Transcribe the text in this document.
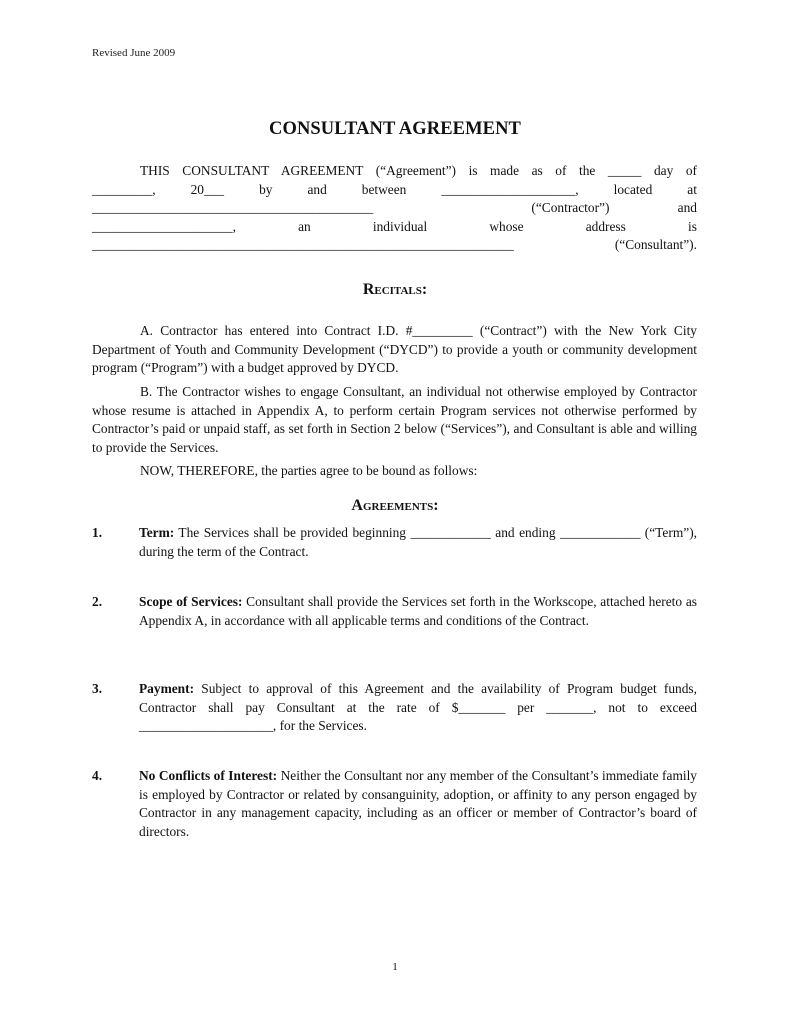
Revised June 2009
CONSULTANT AGREEMENT
THIS CONSULTANT AGREEMENT (“Agreement”) is made as of the _____ day of
_________,	20___	by	and	between	____________________,	located	at
__________________________________________	(“Contractor”)	and
_____________________,	an	individual	whose	address	is
_______________________________________________________________	(“Consultant”).
Recitals:
A. Contractor has entered into Contract I.D. #_________ (“Contract”) with the New York City Department of Youth and Community Development (“DYCD”) to provide a youth or community development program (“Program”) with a budget approved by DYCD.
B. The Contractor wishes to engage Consultant, an individual not otherwise employed by Contractor whose resume is attached in Appendix A, to perform certain Program services not otherwise performed by Contractor’s paid or unpaid staff, as set forth in Section 2 below (“Services”), and Consultant is able and willing to provide the Services.
NOW, THEREFORE, the parties agree to be bound as follows:
Agreements:
1.	Term: The Services shall be provided beginning ____________ and ending ____________ (“Term”), during the term of the Contract.
2.	Scope of Services: Consultant shall provide the Services set forth in the Workscope, attached hereto as Appendix A, in accordance with all applicable terms and conditions of the Contract.
3.	Payment: Subject to approval of this Agreement and the availability of Program budget funds, Contractor shall pay Consultant at the rate of $_______ per _______, not to exceed ____________________, for the Services.
4.	No Conflicts of Interest: Neither the Consultant nor any member of the Consultant’s immediate family is employed by Contractor or related by consanguinity, adoption, or affinity to any person engaged by Contractor in any management capacity, including as an officer or member of Contractor’s board of directors.
1
